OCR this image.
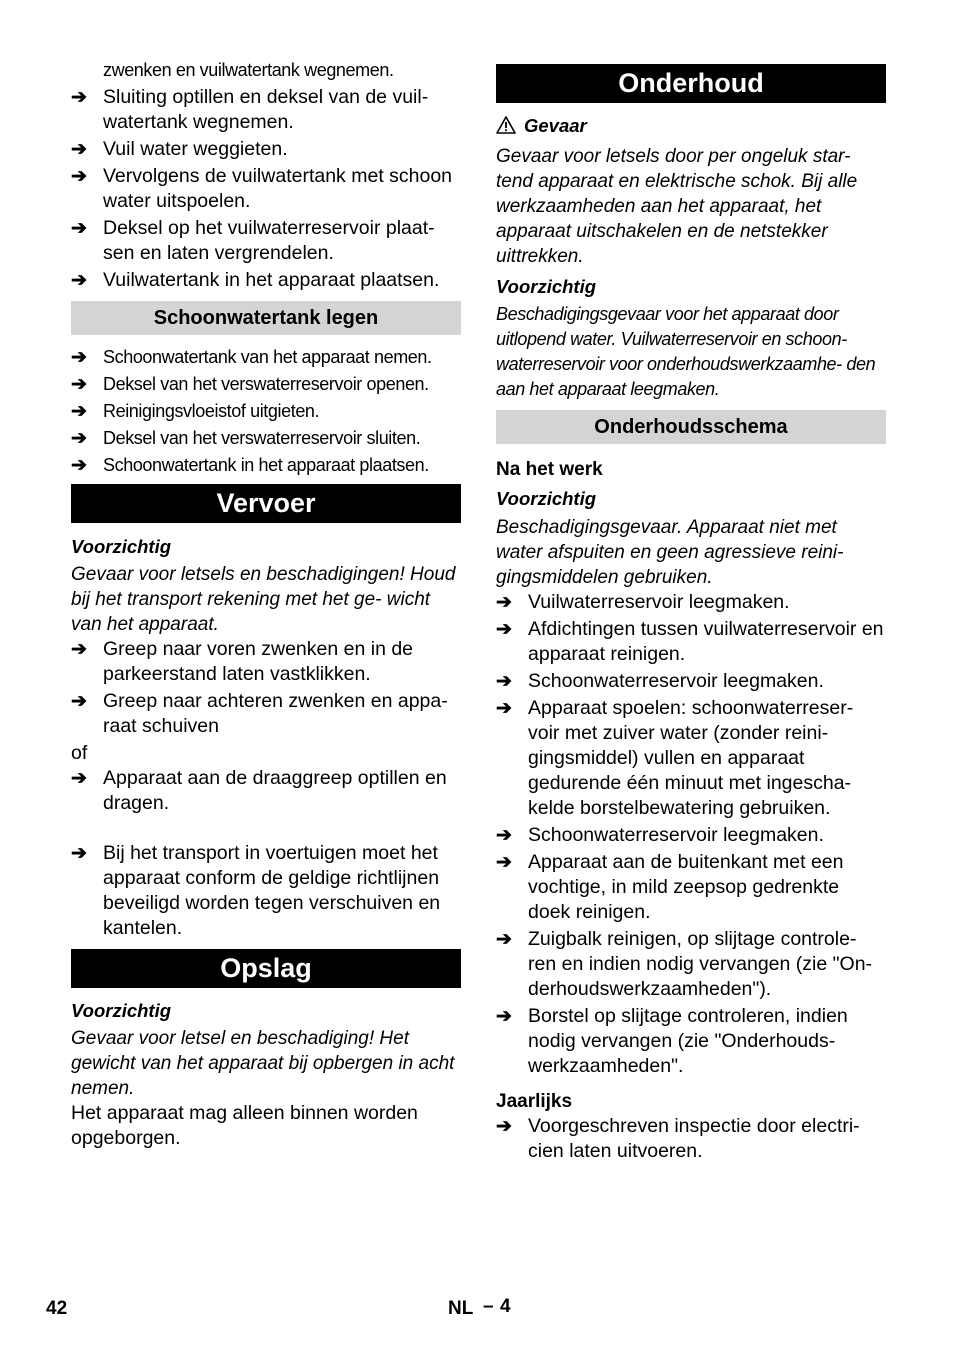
zwenken en vuilwatertank wegnemen.
➔ Sluiting optillen en deksel van de vuil- watertank wegnemen.
➔ Vuil water weggieten.
➔ Vervolgens de vuilwatertank met schoon water uitspoelen.
➔ Deksel op het vuilwaterreservoir plaat- sen en laten vergrendelen.
➔ Vuilwatertank in het apparaat plaatsen.
Schoonwatertank legen
➔ Schoonwatertank van het apparaat nemen.
➔ Deksel van het verswaterreservoir openen.
➔ Reinigingsvloeistof uitgieten.
➔ Deksel van het verswaterreservoir sluiten.
➔ Schoonwatertank in het apparaat plaatsen.
Vervoer
Voorzichtig
Gevaar voor letsels en beschadigingen! Houd bij het transport rekening met het ge- wicht van het apparaat.
➔ Greep naar voren zwenken en in de parkeerstand laten vastklikken.
➔ Greep naar achteren zwenken en appa- raat schuiven
of
➔ Apparaat aan de draaggreep optillen en dragen.
➔ Bij het transport in voertuigen moet het apparaat conform de geldige richtlijnen beveiligd worden tegen verschuiven en kantelen.
Opslag
Voorzichtig
Gevaar voor letsel en beschadiging! Het gewicht van het apparaat bij opbergen in acht nemen.
Het apparaat mag alleen binnen worden opgeborgen.
Onderhoud
Gevaar
Gevaar voor letsels door per ongeluk star- tend apparaat en elektrische schok. Bij alle werkzaamheden aan het apparaat, het apparaat uitschakelen en de netstekker uittrekken.
Voorzichtig
Beschadigingsgevaar voor het apparaat door uitlopend water. Vuilwaterreservoir en schoon- waterreservoir voor onderhoudswerkzaamhe- den aan het apparaat leegmaken.
Onderhoudsschema
Na het werk
Voorzichtig
Beschadigingsgevaar. Apparaat niet met water afspuiten en geen agressieve reini- gingsmiddelen gebruiken.
➔ Vuilwaterreservoir leegmaken.
➔ Afdichtingen tussen vuilwaterreservoir en apparaat reinigen.
➔ Schoonwaterreservoir leegmaken.
➔ Apparaat spoelen: schoonwaterreser- voir met zuiver water (zonder reini- gingsmiddel) vullen en apparaat gedurende één minuut met ingescha- kelde borstelbewatering gebruiken.
➔ Schoonwaterreservoir leegmaken.
➔ Apparaat aan de buitenkant met een vochtige, in mild zeepsop gedrenkte doek reinigen.
➔ Zuigbalk reinigen, op slijtage controle- ren en indien nodig vervangen (zie "On- derhoudswerkzaamheden").
➔ Borstel op slijtage controleren, indien nodig vervangen (zie "Onderhouds- werkzaamheden".
Jaarlijks
➔ Voorgeschreven inspectie door electri- cien laten uitvoeren.
42	NL – 4
